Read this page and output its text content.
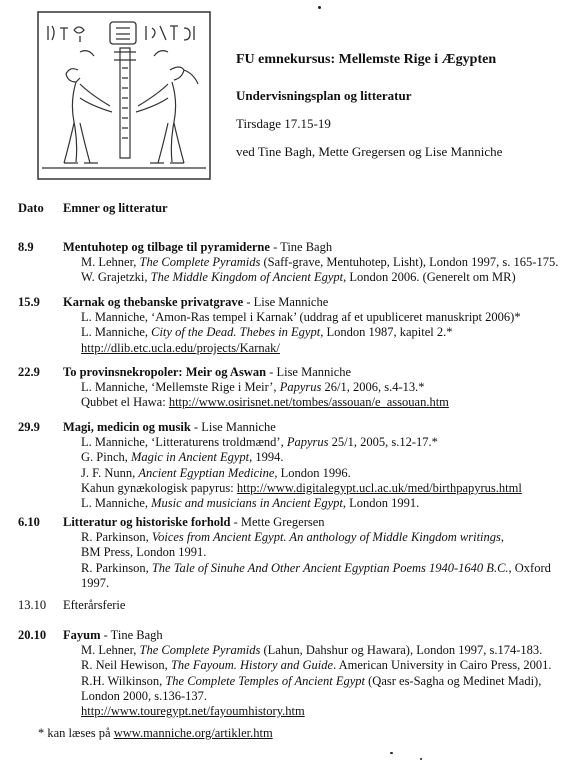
FU emnekursus: Mellemste Rige i Ægypten
Undervisningsplan og litteratur
Tirsdage 17.15-19
ved Tine Bagh, Mette Gregersen og Lise Manniche
Dato Emner og litteratur
8.9 Mentuhotep og tilbage til pyramiderne - Tine Bagh
M. Lehner, The Complete Pyramids (Saff-grave, Mentuhotep, Lisht), London 1997, s. 165-175.
W. Grajetzki, The Middle Kingdom of Ancient Egypt, London 2006. (Generelt om MR)
15.9 Karnak og thebanske privatgrave - Lise Manniche
L. Manniche, ‘Amon-Ras tempel i Karnak’ (uddrag af et upubliceret manuskript 2006)*
L. Manniche, City of the Dead. Thebes in Egypt, London 1987, kapitel 2.*
http://dlib.etc.ucla.edu/projects/Karnak/
22.9 To provinsnekropoler: Meir og Aswan - Lise Manniche
L. Manniche, ‘Mellemste Rige i Meir’, Papyrus 26/1, 2006, s.4-13.*
Qubbet el Hawa: http://www.osirisnet.net/tombes/assouan/e_assouan.htm
29.9 Magi, medicin og musik - Lise Manniche
L. Manniche, ‘Litteraturens troldmænd’, Papyrus 25/1, 2005, s.12-17.*
G. Pinch, Magic in Ancient Egypt, 1994.
J. F. Nunn, Ancient Egyptian Medicine, London 1996.
Kahun gynækologisk papyrus: http://www.digitalegypt.ucl.ac.uk/med/birthpapyrus.html
L. Manniche, Music and musicians in Ancient Egypt, London 1991.
6.10 Litteratur og historiske forhold - Mette Gregersen
R. Parkinson, Voices from Ancient Egypt. An anthology of Middle Kingdom writings,
BM Press, London 1991.
R. Parkinson, The Tale of Sinuhe And Other Ancient Egyptian Poems 1940-1640 B.C., Oxford
1997.
13.10 Efterårsferie
20.10 Fayum - Tine Bagh
M. Lehner, The Complete Pyramids (Lahun, Dahshur og Hawara), London 1997, s.174-183.
R. Neil Hewison, The Fayoum. History and Guide. American University in Cairo Press, 2001.
R.H. Wilkinson, The Complete Temples of Ancient Egypt (Qasr es-Sagha og Medinet Madi),
London 2000, s.136-137.
http://www.touregypt.net/fayoumhistory.htm
* kan læses på www.manniche.org/artikler.htm
